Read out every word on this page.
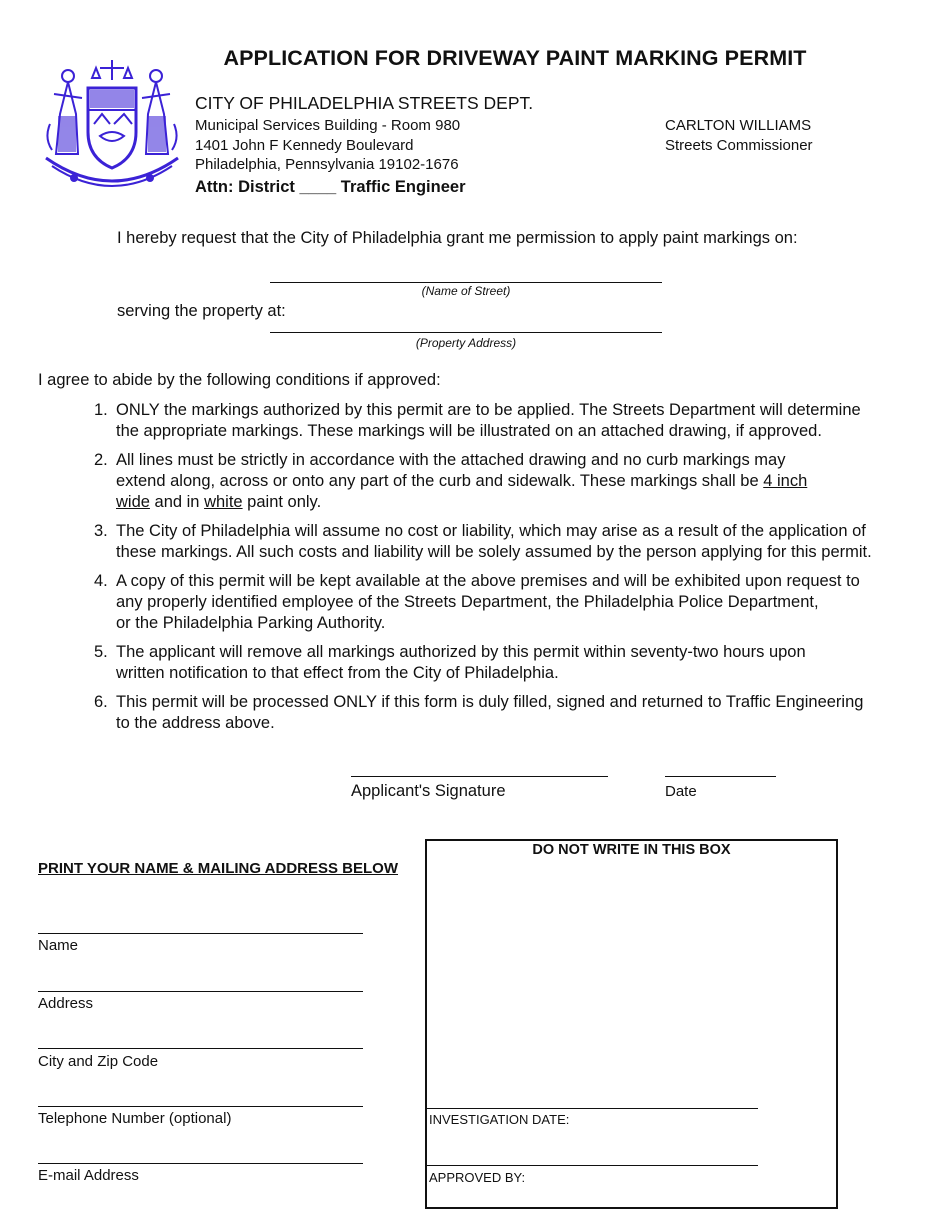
APPLICATION FOR DRIVEWAY PAINT MARKING PERMIT
CITY OF PHILADELPHIA STREETS DEPT.
Municipal Services Building - Room 980
1401 John F Kennedy Boulevard
Philadelphia, Pennsylvania 19102-1676
CARLTON WILLIAMS
Streets Commissioner
Attn: District ____ Traffic Engineer
I hereby request that the City of Philadelphia grant me permission to apply paint markings on:
(Name of Street)
serving the property at:
(Property Address)
I agree to abide by the following conditions if approved:
1. ONLY the markings authorized by this permit are to be applied. The Streets Department will determine
the appropriate markings. These markings will be illustrated on an attached drawing, if approved.
2. All lines must be strictly in accordance with the attached drawing and no curb markings may
extend along, across or onto any part of the curb and sidewalk. These markings shall be 4 inch
wide and in white paint only.
3. The City of Philadelphia will assume no cost or liability, which may arise as a result of the application of
these markings. All such costs and liability will be solely assumed by the person applying for this permit.
4. A copy of this permit will be kept available at the above premises and will be exhibited upon request to
any properly identified employee of the Streets Department, the Philadelphia Police Department,
or the Philadelphia Parking Authority.
5. The applicant will remove all markings authorized by this permit within seventy-two hours upon
written notification to that effect from the City of Philadelphia.
6. This permit will be processed ONLY if this form is duly filled, signed and returned to Traffic Engineering
to the address above.
Applicant's Signature	Date
PRINT YOUR NAME & MAILING ADDRESS BELOW
Name
Address
City and Zip Code
Telephone Number (optional)
E-mail Address
DO NOT WRITE IN THIS BOX
INVESTIGATION DATE:
APPROVED BY:
